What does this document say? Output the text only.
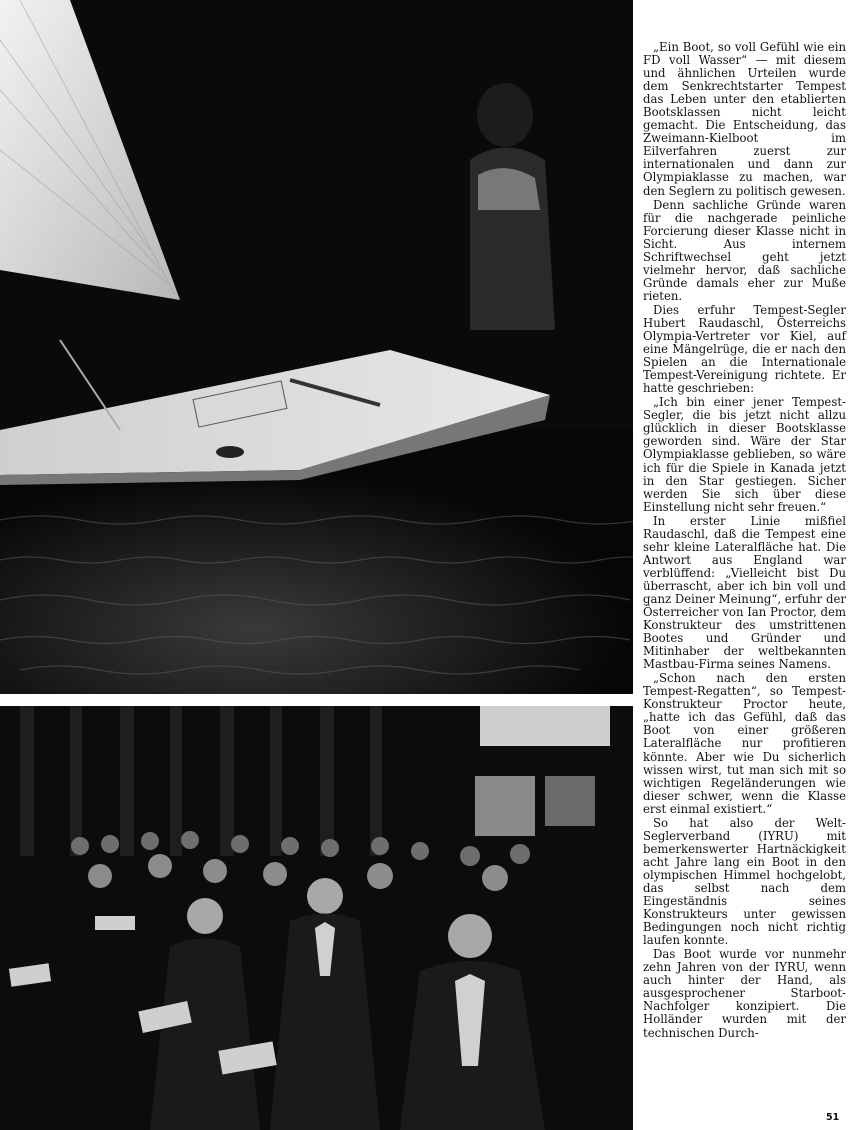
„Ein Boot, so voll Gefühl wie ein FD voll Wasser“ — mit diesem und ähnlichen Urteilen wurde dem Senkrechtstarter Tempest das Leben unter den etablierten Bootsklassen nicht leicht gemacht. Die Entscheidung, das Zweimann-Kielboot im Eilverfahren zuerst zur internationalen und dann zur Olympiaklasse zu machen, war den Seglern zu politisch gewesen.

Denn sachliche Gründe waren für die nachgerade peinliche Forcierung dieser Klasse nicht in Sicht. Aus internem Schriftwechsel geht jetzt vielmehr hervor, daß sachliche Gründe damals eher zur Muße rieten.

Dies erfuhr Tempest-Segler Hubert Raudaschl, Österreichs Olympia-Vertreter vor Kiel, auf eine Mängelrüge, die er nach den Spielen an die Internationale Tempest-Vereinigung richtete. Er hatte geschrieben:

„Ich bin einer jener Tempest-Segler, die bis jetzt nicht allzu glücklich in dieser Bootsklasse geworden sind. Wäre der Star Olympiaklasse geblieben, so wäre ich für die Spiele in Kanada jetzt in den Star gestiegen. Sicher werden Sie sich über diese Einstellung nicht sehr freuen.“

In erster Linie mißfiel Raudaschl, daß die Tempest eine sehr kleine Lateralfläche hat. Die Antwort aus England war verblüffend: „Vielleicht bist Du überrascht, aber ich bin voll und ganz Deiner Meinung“, erfuhr der Österreicher von Ian Proctor, dem Konstrukteur des umstrittenen Bootes und Gründer und Mitinhaber der weltbekannten Mastbau-Firma seines Namens.

„Schon nach den ersten Tempest-Regatten“, so Tempest-Konstrukteur Proctor heute, „hatte ich das Gefühl, daß das Boot von einer größeren Lateralfläche nur profitieren könnte. Aber wie Du sicherlich wissen wirst, tut man sich mit so wichtigen Regeländerungen wie dieser schwer, wenn die Klasse erst einmal existiert.“

So hat also der Welt-Seglerverband (IYRU) mit bemerkenswerter Hartnäckigkeit acht Jahre lang ein Boot in den olympischen Himmel hochgelobt, das selbst nach dem Eingeständnis seines Konstrukteurs unter gewissen Bedingungen noch nicht richtig laufen konnte.

Das Boot wurde vor nunmehr zehn Jahren von der IYRU, wenn auch hinter der Hand, als ausgesprochener Starboot-Nachfolger konzipiert. Die Holländer wurden mit der technischen Durch-

51
